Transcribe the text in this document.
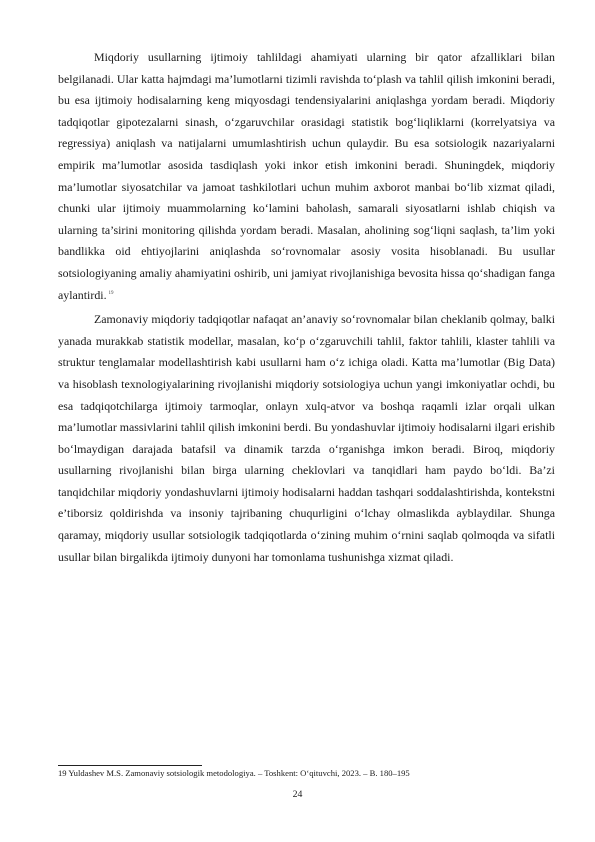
Miqdoriy usullarning ijtimoiy tahlildagi ahamiyati ularning bir qator afzalliklari bilan belgilanadi. Ular katta hajmdagi ma’lumotlarni tizimli ravishda to‘plash va tahlil qilish imkonini beradi, bu esa ijtimoiy hodisalarning keng miqyosdagi tendensiyalarini aniqlashga yordam beradi. Miqdoriy tadqiqotlar gipotezalarni sinash, o‘zgaruvchilar orasidagi statistik bog‘liqliklarni (korrelyatsiya va regressiya) aniqlash va natijalarni umumlashtirish uchun qulaydir. Bu esa sotsiologik nazariyalarni empirik ma’lumotlar asosida tasdiqlash yoki inkor etish imkonini beradi. Shuningdek, miqdoriy ma’lumotlar siyosatchilar va jamoat tashkilotlari uchun muhim axborot manbai bo‘lib xizmat qiladi, chunki ular ijtimoiy muammolarning ko‘lamini baholash, samarali siyosatlarni ishlab chiqish va ularning ta’sirini monitoring qilishda yordam beradi. Masalan, aholining sog‘liqni saqlash, ta’lim yoki bandlikka oid ehtiyojlarini aniqlashda so‘rovnomalar asosiy vosita hisoblanadi. Bu usullar sotsiologiyaning amaliy ahamiyatini oshirib, uni jamiyat rivojlanishiga bevosita hissa qo‘shadigan fanga aylantirdi. $^{19}$

Zamonaviy miqdoriy tadqiqotlar nafaqat an’anaviy so‘rovnomalar bilan cheklanib qolmay, balki yanada murakkab statistik modellar, masalan, ko‘p o‘zgaruvchili tahlil, faktor tahlili, klaster tahlili va struktur tenglamalar modellashtirish kabi usullarni ham o‘z ichiga oladi. Katta ma’lumotlar (Big Data) va hisoblash texnologiyalarining rivojlanishi miqdoriy sotsiologiya uchun yangi imkoniyatlar ochdi, bu esa tadqiqotchilarga ijtimoiy tarmoqlar, onlayn xulq-atvor va boshqa raqamli izlar orqali ulkan ma’lumotlar massivlarini tahlil qilish imkonini berdi. Bu yondashuvlar ijtimoiy hodisalarni ilgari erishib bo‘lmaydigan darajada batafsil va dinamik tarzda o‘rganishga imkon beradi. Biroq, miqdoriy usullarning rivojlanishi bilan birga ularning cheklovlari va tanqidlari ham paydo bo‘ldi. Ba’zi tanqidchilar miqdoriy yondashuvlarni ijtimoiy hodisalarni haddan tashqari soddalashtirishda, kontekstni e’tiborsiz qoldirishda va insoniy tajribaning chuqurligini o‘lchay olmaslikda ayblaydilar. Shunga qaramay, miqdoriy usullar sotsiologik tadqiqotlarda o‘zining muhim o‘rnini saqlab qolmoqda va sifatli usullar bilan birgalikda ijtimoiy dunyoni har tomonlama tushunishga xizmat qiladi.

19 Yuldashev M.S. Zamonaviy sotsiologik metodologiya. – Toshkent: O‘qituvchi, 2023. – B. 180–195

24
